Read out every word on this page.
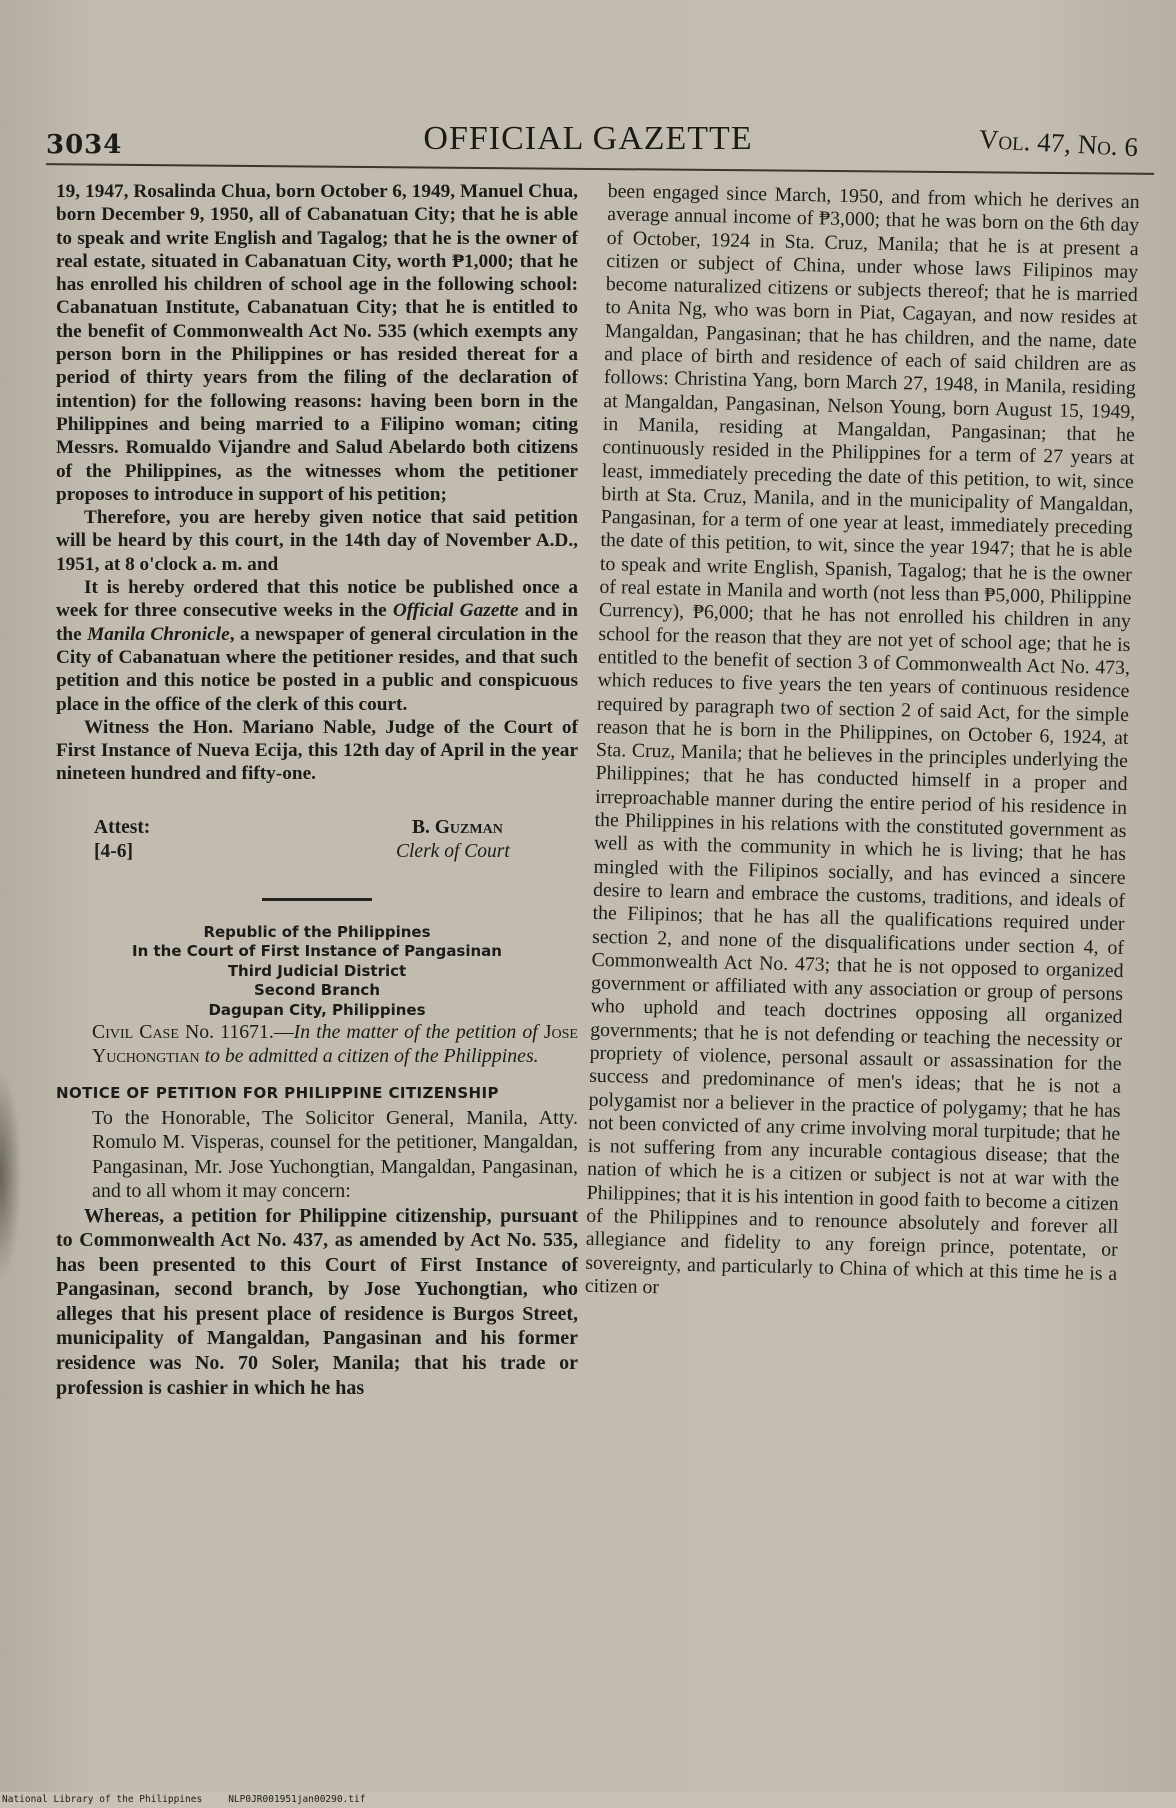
3034	OFFICIAL GAZETTE	Vol. 47, No. 6

19, 1947, Rosalinda Chua, born October 6, 1949, Manuel Chua, born December 9, 1950, all of Cabanatuan City; that he is able to speak and write English and Tagalog; that he is the owner of real estate, situated in Cabanatuan City, worth ₱1,000; that he has enrolled his children of school age in the following school: Cabanatuan Institute, Cabanatuan City; that he is entitled to the benefit of Commonwealth Act No. 535 (which exempts any person born in the Philippines or has resided thereat for a period of thirty years from the filing of the declaration of intention) for the following reasons: having been born in the Philippines and being married to a Filipino woman; citing Messrs. Romualdo Vijandre and Salud Abelardo both citizens of the Philippines, as the witnesses whom the petitioner proposes to introduce in support of his petition;

Therefore, you are hereby given notice that said petition will be heard by this court, in the 14th day of November A.D., 1951, at 8 o'clock a. m. and

It is hereby ordered that this notice be published once a week for three consecutive weeks in the Official Gazette and in the Manila Chronicle, a newspaper of general circulation in the City of Cabanatuan where the petitioner resides, and that such petition and this notice be posted in a public and conspicuous place in the office of the clerk of this court.

Witness the Hon. Mariano Nable, Judge of the Court of First Instance of Nueva Ecija, this 12th day of April in the year nineteen hundred and fifty-one.

Attest:	B. Guzman
[4-6]	Clerk of Court
Republic of the Philippines
In the Court of First Instance of Pangasinan
Third Judicial District
Second Branch
Dagupan City, Philippines

Civil Case No. 11671.—In the matter of the petition of Jose Yuchongtian to be admitted a citizen of the Philippines.

NOTICE OF PETITION FOR PHILIPPINE CITIZENSHIP

To the Honorable, The Solicitor General, Manila, Atty. Romulo M. Visperas, counsel for the petitioner, Mangaldan, Pangasinan, Mr. Jose Yuchongtian, Mangaldan, Pangasinan, and to all whom it may concern:

Whereas, a petition for Philippine citizenship, pursuant to Commonwealth Act No. 437, as amended by Act No. 535, has been presented to this Court of First Instance of Pangasinan, second branch, by Jose Yuchongtian, who alleges that his present place of residence is Burgos Street, municipality of Mangaldan, Pangasinan and his former residence was No. 70 Soler, Manila; that his trade or profession is cashier in which he has

been engaged since March, 1950, and from which he derives an average annual income of ₱3,000; that he was born on the 6th day of October, 1924 in Sta. Cruz, Manila; that he is at present a citizen or subject of China, under whose laws Filipinos may become naturalized citizens or subjects thereof; that he is married to Anita Ng, who was born in Piat, Cagayan, and now resides at Mangaldan, Pangasinan; that he has children, and the name, date and place of birth and residence of each of said children are as follows: Christina Yang, born March 27, 1948, in Manila, residing at Mangaldan, Pangasinan, Nelson Young, born August 15, 1949, in Manila, residing at Mangaldan, Pangasinan; that he continuously resided in the Philippines for a term of 27 years at least, immediately preceding the date of this petition, to wit, since birth at Sta. Cruz, Manila, and in the municipality of Mangaldan, Pangasinan, for a term of one year at least, immediately preceding the date of this petition, to wit, since the year 1947; that he is able to speak and write English, Spanish, Tagalog; that he is the owner of real estate in Manila and worth (not less than ₱5,000, Philippine Currency), ₱6,000; that he has not enrolled his children in any school for the reason that they are not yet of school age; that he is entitled to the benefit of section 3 of Commonwealth Act No. 473, which reduces to five years the ten years of continuous residence required by paragraph two of section 2 of said Act, for the simple reason that he is born in the Philippines, on October 6, 1924, at Sta. Cruz, Manila; that he believes in the principles underlying the Philippines; that he has conducted himself in a proper and irreproachable manner during the entire period of his residence in the Philippines in his relations with the constituted government as well as with the community in which he is living; that he has mingled with the Filipinos socially, and has evinced a sincere desire to learn and embrace the customs, traditions, and ideals of the Filipinos; that he has all the qualifications required under section 2, and none of the disqualifications under section 4, of Commonwealth Act No. 473; that he is not opposed to organized government or affiliated with any association or group of persons who uphold and teach doctrines opposing all organized governments; that he is not defending or teaching the necessity or propriety of violence, personal assault or assassination for the success and predominance of men's ideas; that he is not a polygamist nor a believer in the practice of polygamy; that he has not been convicted of any crime involving moral turpitude; that he is not suffering from any incurable contagious disease; that the nation of which he is a citizen or subject is not at war with the Philippines; that it is his intention in good faith to become a citizen of the Philippines and to renounce absolutely and forever all allegiance and fidelity to any foreign prince, potentate, or sovereignty, and particularly to China of which at this time he is a citizen or

National Library of the Philippines	NLP0JR001951jan00290.tif
